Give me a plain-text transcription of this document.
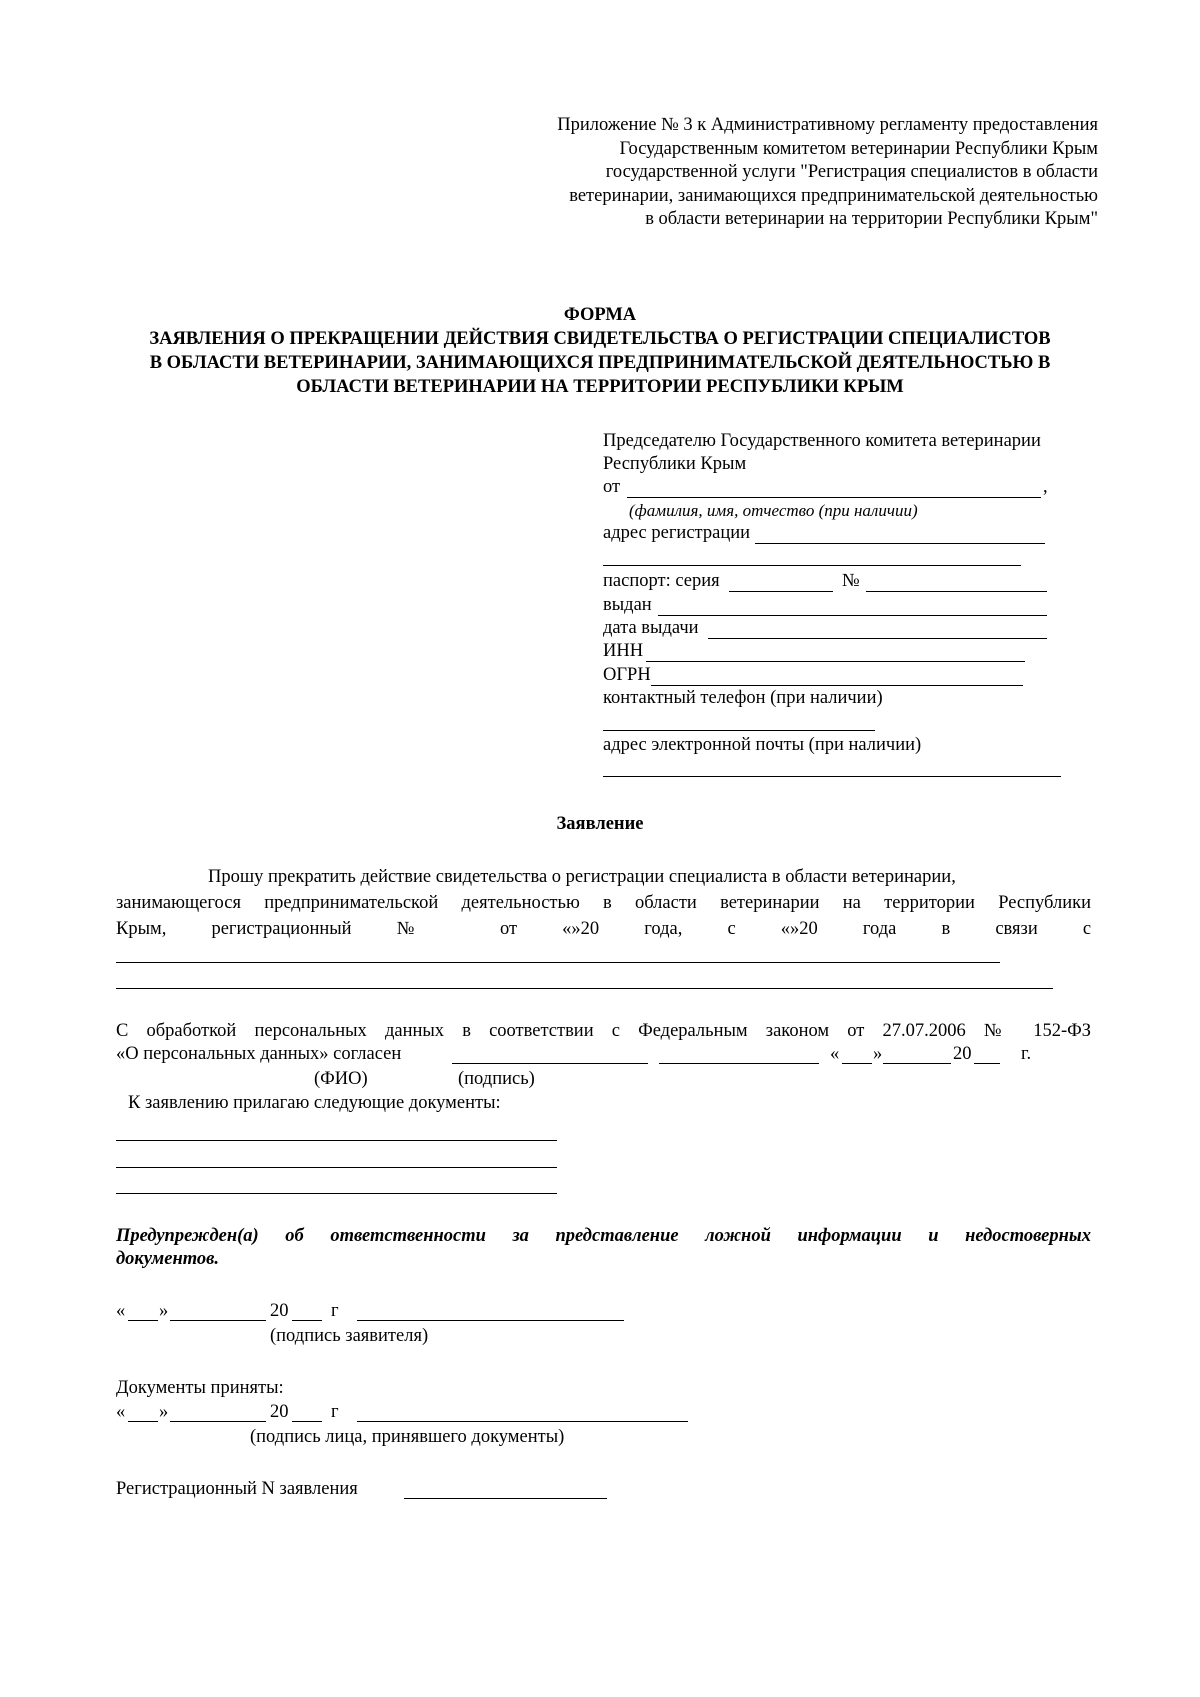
Приложение № 3 к Административному регламенту предоставления
Государственным комитетом ветеринарии Республики Крым
государственной услуги "Регистрация специалистов в области
ветеринарии, занимающихся предпринимательской деятельностью
в области ветеринарии на территории Республики Крым"
ФОРМА
ЗАЯВЛЕНИЯ О ПРЕКРАЩЕНИИ ДЕЙСТВИЯ СВИДЕТЕЛЬСТВА О РЕГИСТРАЦИИ СПЕЦИАЛИСТОВ
В ОБЛАСТИ ВЕТЕРИНАРИИ, ЗАНИМАЮЩИХСЯ ПРЕДПРИНИМАТЕЛЬСКОЙ ДЕЯТЕЛЬНОСТЬЮ В
ОБЛАСТИ ВЕТЕРИНАРИИ НА ТЕРРИТОРИИ РЕСПУБЛИКИ КРЫМ
Председателю Государственного комитета ветеринарии
Республики Крым
от	,
(фамилия, имя, отчество (при наличии)
адрес регистрации
паспорт: серия	№
выдан
дата выдачи
ИНН
ОГРН
контактный телефон (при наличии)
адрес электронной почты (при наличии)
Заявление
Прошу прекратить действие свидетельства о регистрации специалиста в области ветеринарии,
занимающегося предпринимательской деятельностью в области ветеринарии на территории Республики
Крым, регистрационный № от «»20 года, с «»20 года в связи с
С обработкой персональных данных в соответствии с Федеральным законом от 27.07.2006 № 152-ФЗ
«О персональных данных» согласен	« »	20	г.
(ФИО)	(подпись)
К заявлению прилагаю следующие документы:
Предупрежден(а) об ответственности за представление ложной информации и недостоверных
документов.
« »	20 г
(подпись заявителя)
Документы приняты:
« »	20 г
(подпись лица, принявшего документы)
Регистрационный N заявления
